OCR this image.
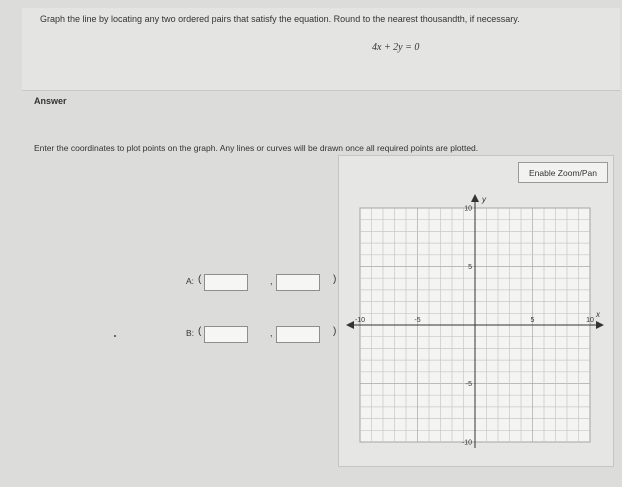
Graph the line by locating any two ordered pairs that satisfy the equation. Round to the nearest thousandth, if necessary.
4x + 2y = 0
Answer
Enter the coordinates to plot points on the graph. Any lines or curves will be drawn once all required points are plotted.
A: (	,	)
B: (	,	)
Enable Zoom/Pan
-10	-5	5	10
10
5
-5
-10
x
y
